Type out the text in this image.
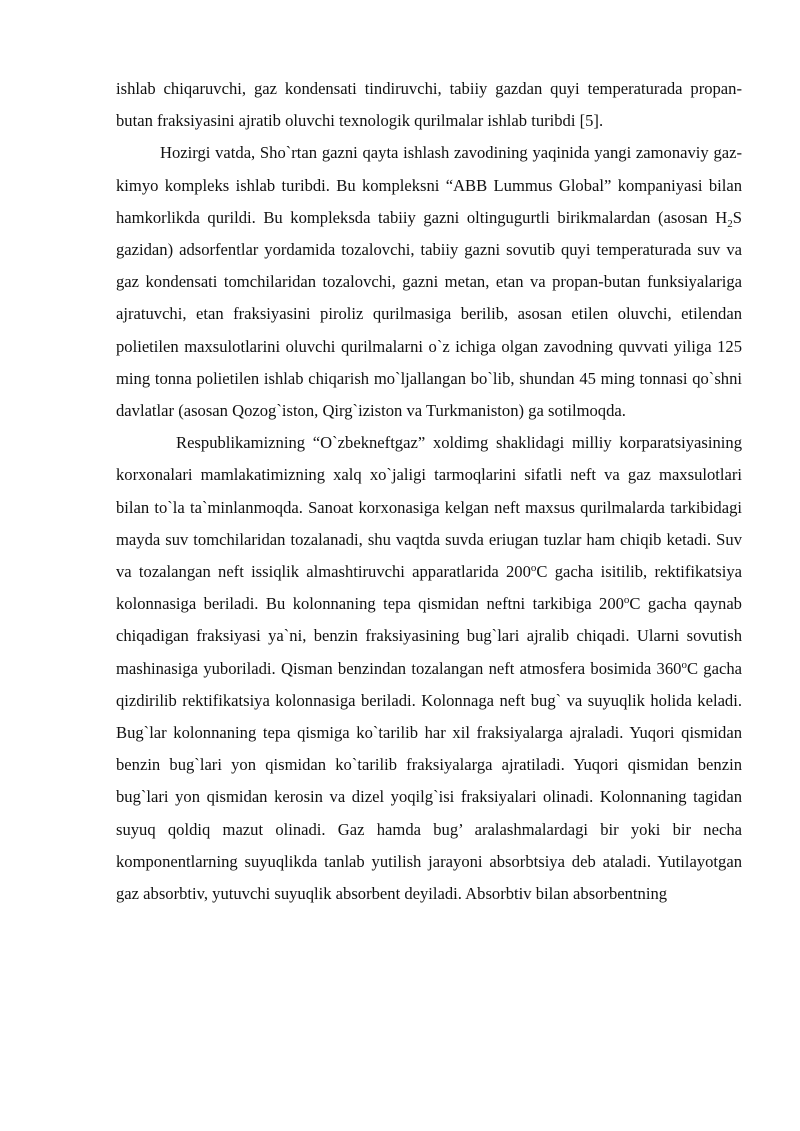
ishlab chiqaruvchi, gaz kondensati tindiruvchi, tabiiy gazdan quyi temperaturada propan-butan fraksiyasini ajratib oluvchi texnologik qurilmalar ishlab turibdi [5].

Hozirgi vatda, Sho`rtan gazni qayta ishlash zavodining yaqinida yangi zamonaviy gaz-kimyo kompleks ishlab turibdi. Bu kompleksni “ABB Lummus Global” kompaniyasi bilan hamkorlikda qurildi. Bu kompleksda tabiiy gazni oltingugurtli birikmalardan (asosan $H_2S$ gazidan) adsorfentlar yordamida tozalovchi, tabiiy gazni sovutib quyi temperaturada suv va gaz kondensati tomchilaridan tozalovchi, gazni metan, etan va propan-butan funksiyalariga ajratuvchi, etan fraksiyasini piroliz qurilmasiga berilib, asosan etilen oluvchi, etilendan polietilen maxsulotlarini oluvchi qurilmalarni o`z ichiga olgan zavodning quvvati yiliga 125 ming tonna polietilen ishlab chiqarish mo`ljallangan bo`lib, shundan 45 ming tonnasi qo`shni davlatlar (asosan Qozog`iston, Qirg`iziston va Turkmaniston) ga sotilmoqda.

Respublikamizning “O`zbekneftgaz” xoldimg shaklidagi milliy korparatsiyasining korxonalari mamlakatimizning xalq xo`jaligi tarmoqlarini sifatli neft va gaz maxsulotlari bilan to`la ta`minlanmoqda. Sanoat korxonasiga kelgan neft maxsus qurilmalarda tarkibidagi mayda suv tomchilaridan tozalanadi, shu vaqtda suvda eriugan tuzlar ham chiqib ketadi. Suv va tozalangan neft issiqlik almashtiruvchi apparatlarida 200$^o$C gacha isitilib, rektifikatsiya kolonnasiga beriladi. Bu kolonnaning tepa qismidan neftni tarkibiga 200$^o$C gacha qaynab chiqadigan fraksiyasi ya`ni, benzin fraksiyasining bug`lari ajralib chiqadi. Ularni sovutish mashinasiga yuboriladi. Qisman benzindan tozalangan neft atmosfera bosimida 360$^o$C gacha qizdirilib rektifikatsiya kolonnasiga beriladi. Kolonnaga neft bug` va suyuqlik holida keladi. Bug`lar kolonnaning tepa qismiga ko`tarilib har xil fraksiyalarga ajraladi. Yuqori qismidan benzin bug`lari yon qismidan ko`tarilib fraksiyalarga ajratiladi. Yuqori qismidan benzin bug`lari yon qismidan kerosin va dizel yoqilg`isi fraksiyalari olinadi. Kolonnaning tagidan suyuq qoldiq mazut olinadi. Gaz hamda bug’ aralashmalardagi bir yoki bir necha komponentlarning suyuqlikda tanlab yutilish jarayoni absorbtsiya deb ataladi. Yutilayotgan gaz absorbtiv, yutuvchi suyuqlik absorbent deyiladi. Absorbtiv bilan absorbentning
